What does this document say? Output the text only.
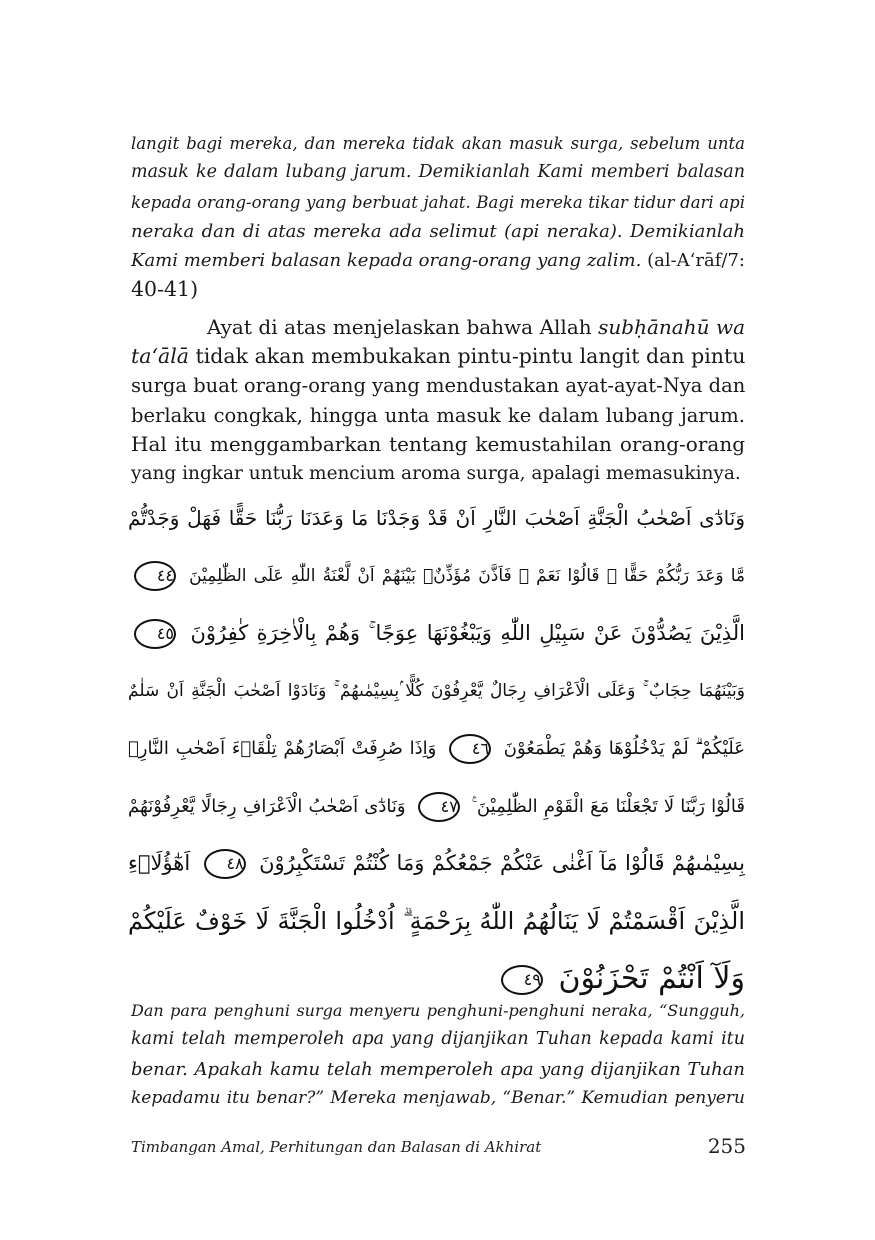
langit bagi mereka, dan mereka tidak akan masuk surga, sebelum unta
masuk ke dalam lubang jarum. Demikianlah Kami memberi balasan
kepada orang-orang yang berbuat jahat. Bagi mereka tikar tidur dari api
neraka dan di atas mereka ada selimut (api neraka). Demikianlah
Kami memberi balasan kepada orang-orang yang zalim. (al-A‘rāf/7:
40-41)
Ayat di atas menjelaskan bahwa Allah subḥānahū wa
ta‘ālā tidak akan membukakan pintu-pintu langit dan pintu
surga buat orang-orang yang mendustakan ayat-ayat-Nya dan
berlaku congkak, hingga unta masuk ke dalam lubang jarum.
Hal itu menggambarkan tentang kemustahilan orang-orang
yang ingkar untuk mencium aroma surga, apalagi memasukinya.
وَنَادٰٓى اَصْحٰبُ الْجَنَّةِ اَصْحٰبَ النَّارِ اَنْ قَدْ وَجَدْنَا مَا وَعَدَنَا رَبُّنَا حَقًّا فَهَلْ وَجَدْتُّمْ
مَّا وَعَدَ رَبُّكُمْ حَقًّا ۗ قَالُوْا نَعَمْ ۚ فَاَذَّنَ مُؤَذِّنٌۢ بَيْنَهُمْ اَنْ لَّعْنَةُ اللّٰهِ عَلَى الظّٰلِمِيْنَ ٤٤
الَّذِيْنَ يَصُدُّوْنَ عَنْ سَبِيْلِ اللّٰهِ وَيَبْغُوْنَهَا عِوَجًا ۚ وَهُمْ بِالْاٰخِرَةِ كٰفِرُوْنَ ٤٥
وَبَيْنَهُمَا حِجَابٌ ۚ وَعَلَى الْاَعْرَافِ رِجَالٌ يَّعْرِفُوْنَ كُلًّا ۢبِسِيْمٰىهُمْ ۚ وَنَادَوْا اَصْحٰبَ الْجَنَّةِ اَنْ سَلٰمٌ
عَلَيْكُمْ ۗ لَمْ يَدْخُلُوْهَا وَهُمْ يَطْمَعُوْنَ ٤٦ وَاِذَا صُرِفَتْ اَبْصَارُهُمْ تِلْقَاۤءَ اَصْحٰبِ النَّارِۙ
قَالُوْا رَبَّنَا لَا تَجْعَلْنَا مَعَ الْقَوْمِ الظّٰلِمِيْنَ ࣖ ٤٧ وَنَادٰٓى اَصْحٰبُ الْاَعْرَافِ رِجَالًا يَّعْرِفُوْنَهُمْ
بِسِيْمٰىهُمْ قَالُوْا مَآ اَغْنٰى عَنْكُمْ جَمْعُكُمْ وَمَا كُنْتُمْ تَسْتَكْبِرُوْنَ ٤٨ اَهٰٓؤُلَاۤءِ
الَّذِيْنَ اَقْسَمْتُمْ لَا يَنَالُهُمُ اللّٰهُ بِرَحْمَةٍ ۗ اُدْخُلُوا الْجَنَّةَ لَا خَوْفٌ عَلَيْكُمْ
وَلَآ اَنْتُمْ تَحْزَنُوْنَ ٤٩
Dan para penghuni surga menyeru penghuni-penghuni neraka, “Sungguh,
kami telah memperoleh apa yang dijanjikan Tuhan kepada kami itu
benar. Apakah kamu telah memperoleh apa yang dijanjikan Tuhan
kepadamu itu benar?” Mereka menjawab, “Benar.” Kemudian penyeru
Timbangan Amal, Perhitungan dan Balasan di Akhirat	255
